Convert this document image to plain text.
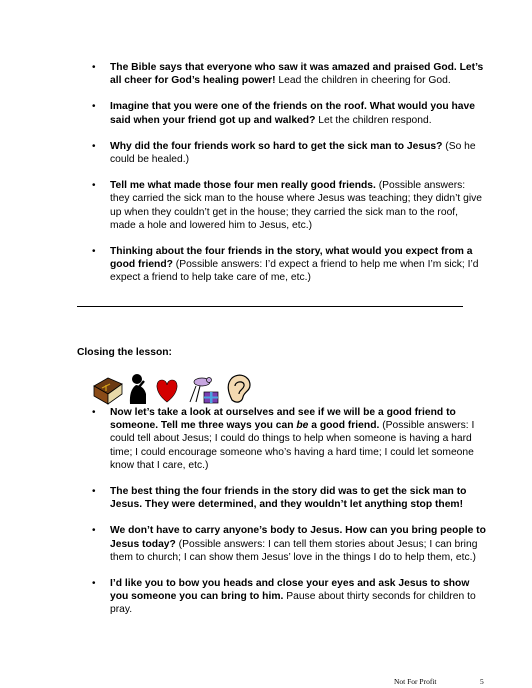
• The Bible says that everyone who saw it was amazed and praised God. Let’s all cheer for God’s healing power! Lead the children in cheering for God.
• Imagine that you were one of the friends on the roof. What would you have said when your friend got up and walked? Let the children respond.
• Why did the four friends work so hard to get the sick man to Jesus? (So he could be healed.)
• Tell me what made those four men really good friends. (Possible answers: they carried the sick man to the house where Jesus was teaching; they didn’t give up when they couldn’t get in the house; they carried the sick man to the roof, made a hole and lowered him to Jesus, etc.)
• Thinking about the four friends in the story, what would you expect from a good friend? (Possible answers: I’d expect a friend to help me when I’m sick; I’d expect a friend to help take care of me, etc.)
Closing the lesson:
• Now let’s take a look at ourselves and see if we will be a good friend to someone. Tell me three ways you can be a good friend. (Possible answers: I could tell about Jesus; I could do things to help when someone is having a hard time; I could encourage someone who’s having a hard time; I could let someone know that I care, etc.)
• The best thing the four friends in the story did was to get the sick man to Jesus. They were determined, and they wouldn’t let anything stop them!
• We don’t have to carry anyone’s body to Jesus. How can you bring people to Jesus today? (Possible answers: I can tell them stories about Jesus; I can bring them to church; I can show them Jesus’ love in the things I do to help them, etc.)
• I’d like you to bow you heads and close your eyes and ask Jesus to show you someone you can bring to him. Pause about thirty seconds for children to pray.
Not For Profit	5
